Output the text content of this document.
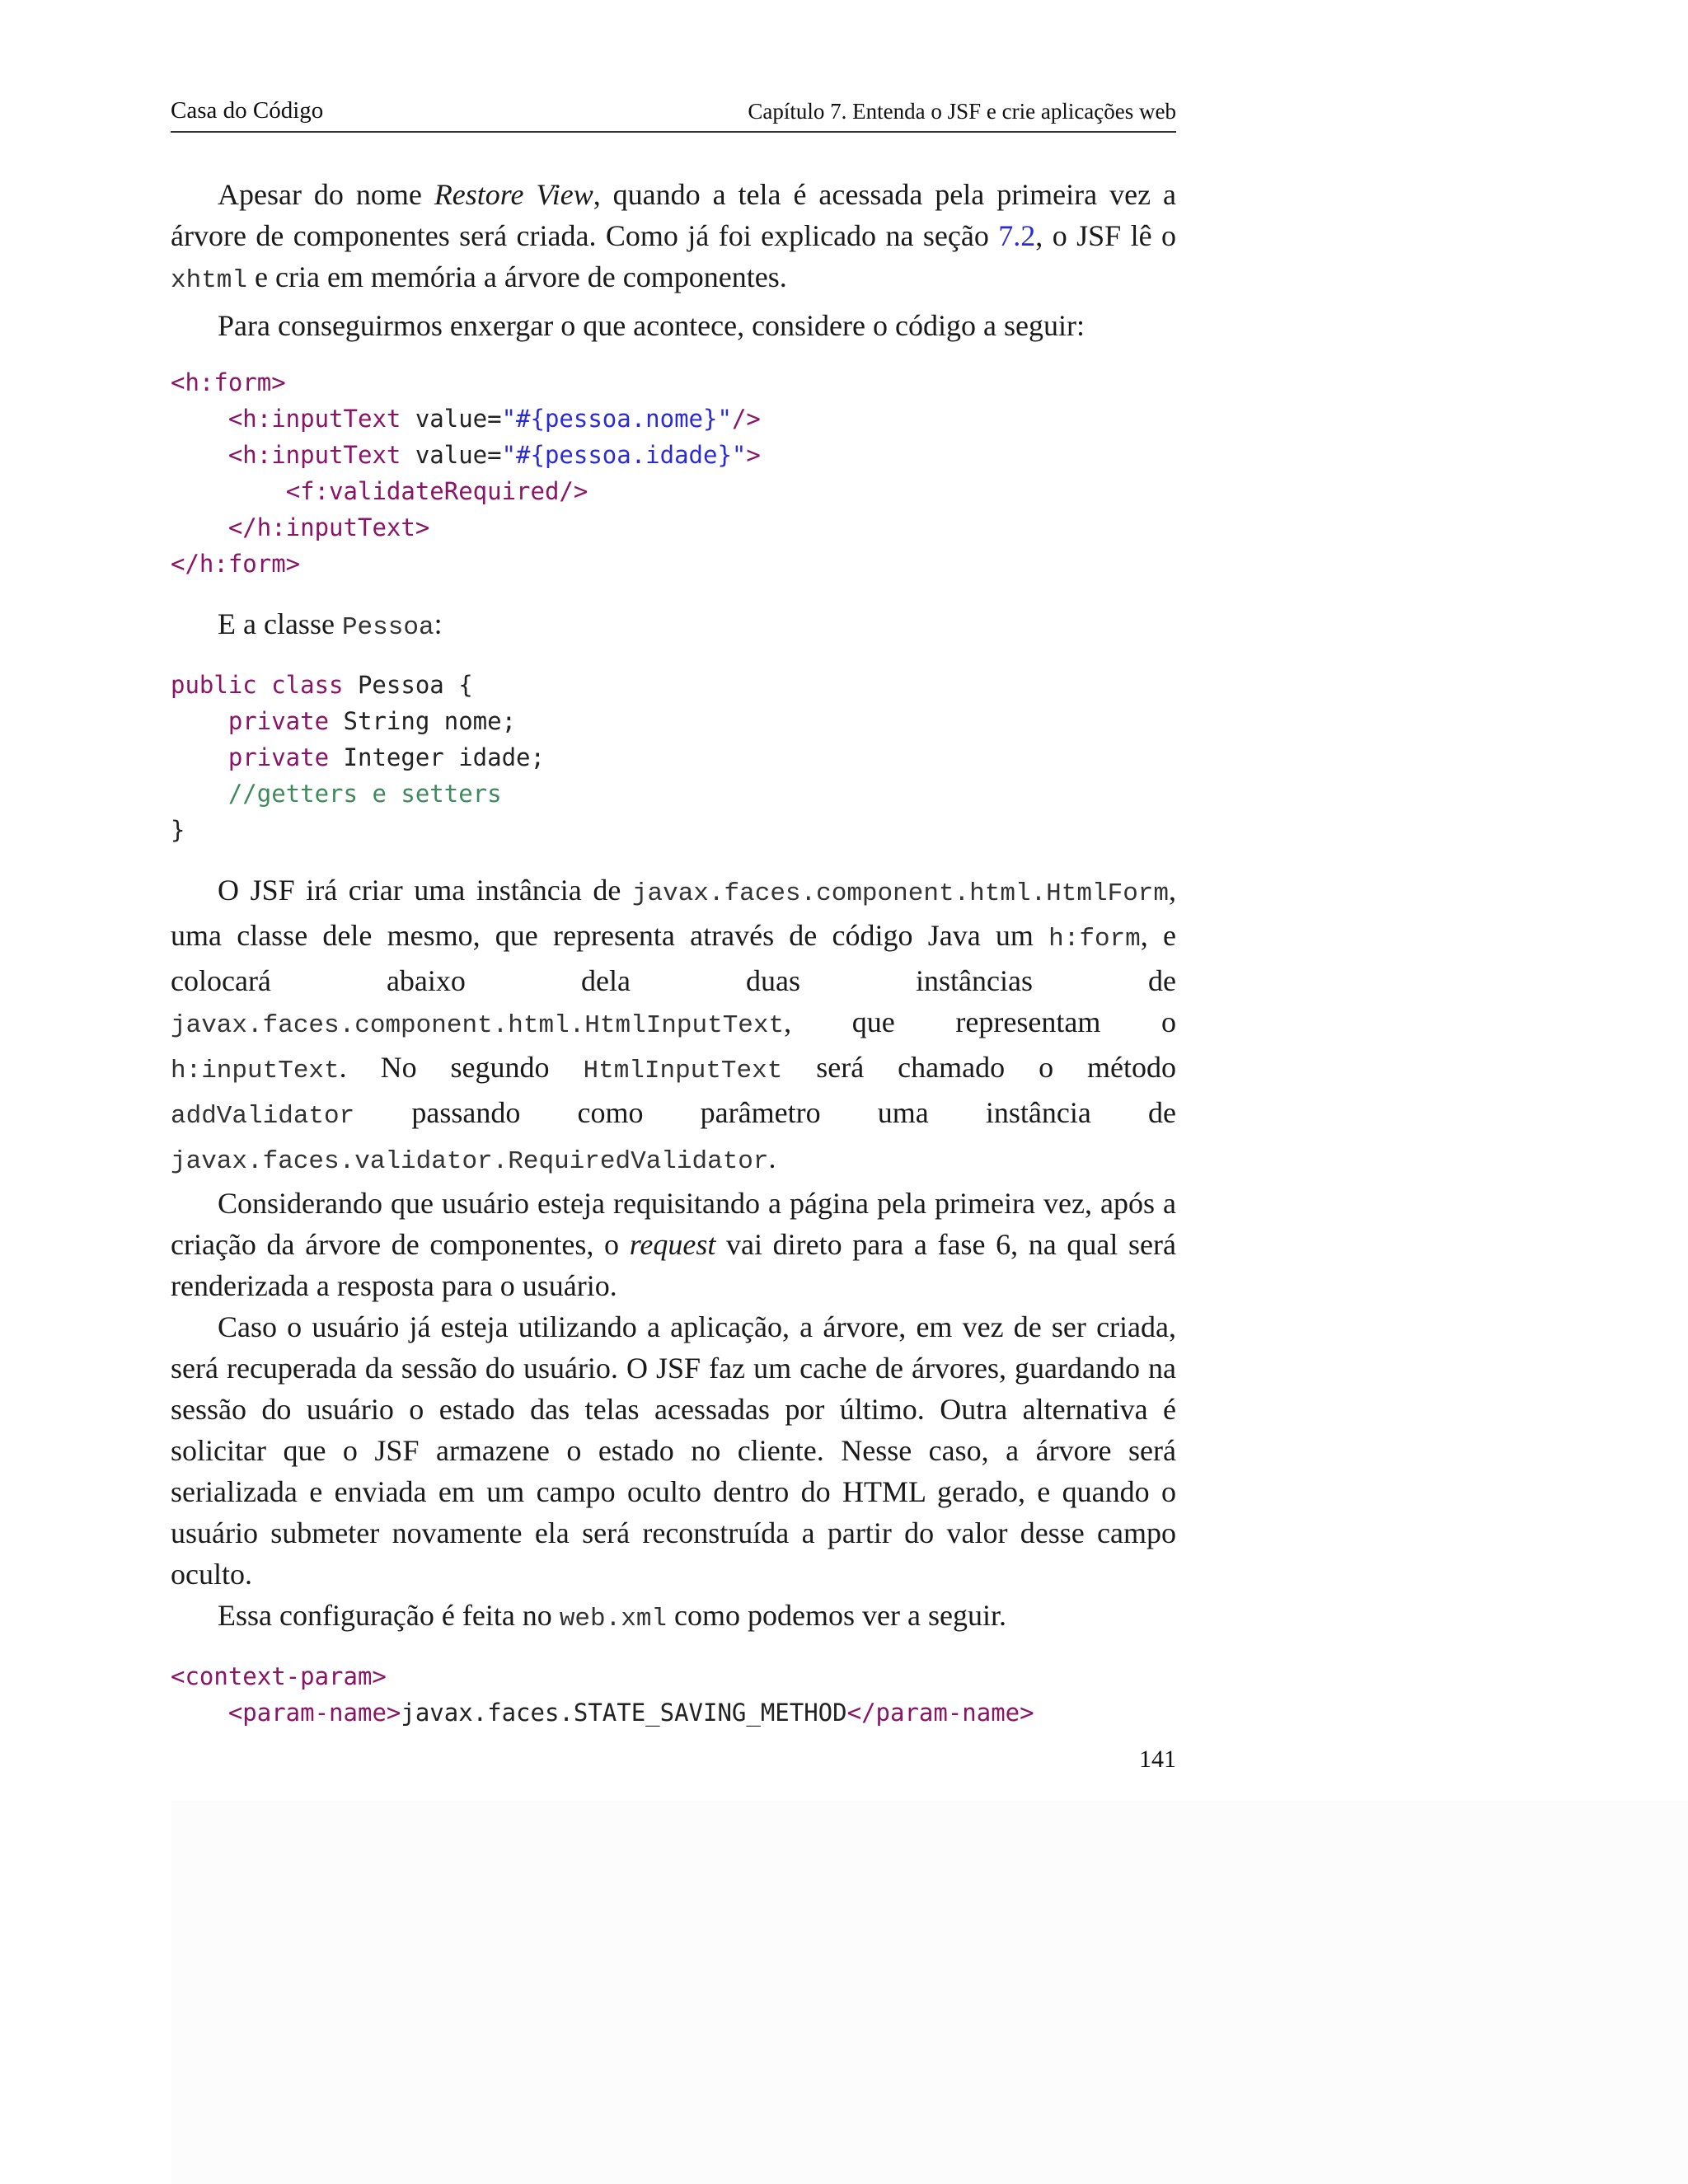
Casa do Código	Capítulo 7. Entenda o JSF e crie aplicações web

Apesar do nome Restore View, quando a tela é acessada pela primeira vez a árvore de componentes será criada. Como já foi explicado na seção 7.2, o JSF lê o xhtml e cria em memória a árvore de componentes.

Para conseguirmos enxergar o que acontece, considere o código a seguir:

<h:form>
<h:inputText value="#{pessoa.nome}"/>
<h:inputText value="#{pessoa.idade}">
<f:validateRequired/>
</h:inputText>
</h:form>

E a classe Pessoa:

public class Pessoa {
private String nome;
private Integer idade;
//getters e setters
}

O JSF irá criar uma instância de javax.faces.component.html.HtmlForm, uma classe dele mesmo, que representa através de código Java um h:form, e colocará abaixo dela duas instâncias de javax.faces.component.html.HtmlInputText, que representam o h:inputText. No segundo HtmlInputText será chamado o método addValidator passando como parâmetro uma instância de javax.faces.validator.RequiredValidator.

Considerando que usuário esteja requisitando a página pela primeira vez, após a criação da árvore de componentes, o request vai direto para a fase 6, na qual será renderizada a resposta para o usuário.

Caso o usuário já esteja utilizando a aplicação, a árvore, em vez de ser criada, será recuperada da sessão do usuário. O JSF faz um cache de árvores, guardando na sessão do usuário o estado das telas acessadas por último. Outra alternativa é solicitar que o JSF armazene o estado no cliente. Nesse caso, a árvore será serializada e enviada em um campo oculto dentro do HTML gerado, e quando o usuário submeter novamente ela será reconstruída a partir do valor desse campo oculto.

Essa configuração é feita no web.xml como podemos ver a seguir.

<context-param>
<param-name>javax.faces.STATE_SAVING_METHOD</param-name>
141
